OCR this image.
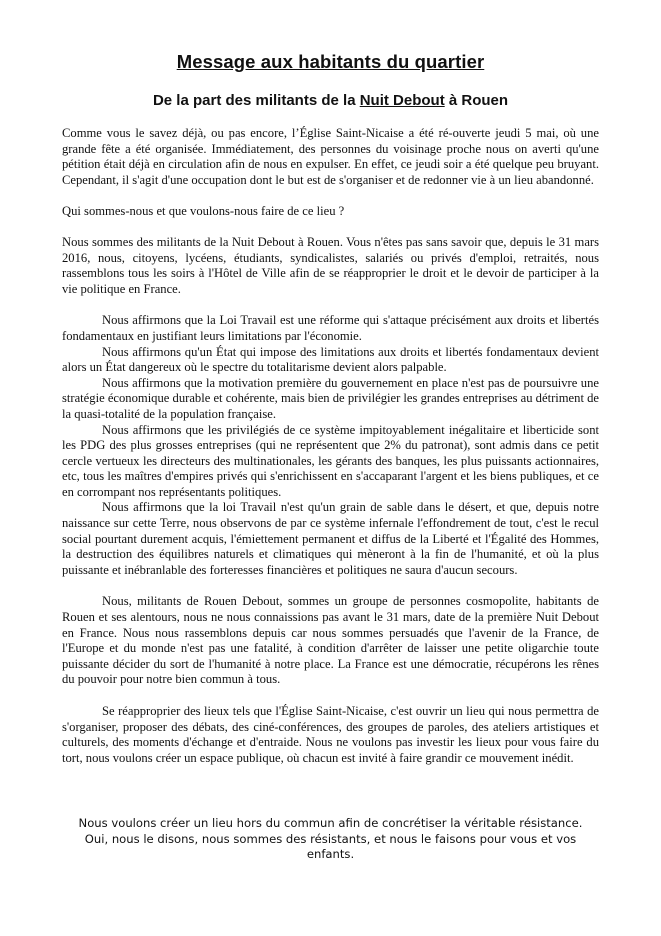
Message aux habitants du quartier
De la part des militants de la Nuit Debout à Rouen

Comme vous le savez déjà, ou pas encore, l’Église Saint-Nicaise a été ré-ouverte jeudi 5 mai, où une grande fête a été organisée. Immédiatement, des personnes du voisinage proche nous on averti qu'une pétition était déjà en circulation afin de nous en expulser. En effet, ce jeudi soir a été quelque peu bruyant. Cependant, il s'agit d'une occupation dont le but est de s'organiser et de redonner vie à un lieu abandonné.

Qui sommes-nous et que voulons-nous faire de ce lieu ?

Nous sommes des militants de la Nuit Debout à Rouen. Vous n'êtes pas sans savoir que, depuis le 31 mars 2016, nous, citoyens, lycéens, étudiants, syndicalistes, salariés ou privés d'emploi, retraités, nous rassemblons tous les soirs à l'Hôtel de Ville afin de se réapproprier le droit et le devoir de participer à la vie politique en France.

Nous affirmons que la Loi Travail est une réforme qui s'attaque précisément aux droits et libertés fondamentaux en justifiant leurs limitations par l'économie.

Nous affirmons qu'un État qui impose des limitations aux droits et libertés fondamentaux devient alors un État dangereux où le spectre du totalitarisme devient alors palpable.

Nous affirmons que la motivation première du gouvernement en place n'est pas de poursuivre une stratégie économique durable et cohérente, mais bien de privilégier les grandes entreprises au détriment de la quasi-totalité de la population française.

Nous affirmons que les privilégiés de ce système impitoyablement inégalitaire et liberticide sont les PDG des plus grosses entreprises (qui ne représentent que 2% du patronat), sont admis dans ce petit cercle vertueux les directeurs des multinationales, les gérants des banques, les plus puissants actionnaires, etc, tous les maîtres d'empires privés qui s'enrichissent en s'accaparant l'argent et les biens publiques, et ce en corrompant nos représentants politiques.

Nous affirmons que la loi Travail n'est qu'un grain de sable dans le désert, et que, depuis notre naissance sur cette Terre, nous observons de par ce système infernale l'effondrement de tout, c'est le recul social pourtant durement acquis, l'émiettement permanent et diffus de la Liberté et l'Égalité des Hommes, la destruction des équilibres naturels et climatiques qui mèneront à la fin de l'humanité, et où la plus puissante et inébranlable des forteresses financières et politiques ne saura d'aucun secours.

Nous, militants de Rouen Debout, sommes un groupe de personnes cosmopolite, habitants de Rouen et ses alentours, nous ne nous connaissions pas avant le 31 mars, date de la première Nuit Debout en France. Nous nous rassemblons depuis car nous sommes persuadés que l'avenir de la France, de l'Europe et du monde n'est pas une fatalité, à condition d'arrêter de laisser une petite oligarchie toute puissante décider du sort de l'humanité à notre place. La France est une démocratie, récupérons les rênes du pouvoir pour notre bien commun à tous.

Se réapproprier des lieux tels que l'Église Saint-Nicaise, c'est ouvrir un lieu qui nous permettra de s'organiser, proposer des débats, des ciné-conférences, des groupes de paroles, des ateliers artistiques et culturels, des moments d'échange et d'entraide. Nous ne voulons pas investir les lieux pour vous faire du tort, nous voulons créer un espace publique, où chacun est invité à faire grandir ce mouvement inédit.

Nous voulons créer un lieu hors du commun afin de concrétiser la véritable résistance.

Oui, nous le disons, nous sommes des résistants, et nous le faisons pour vous et vos enfants.
